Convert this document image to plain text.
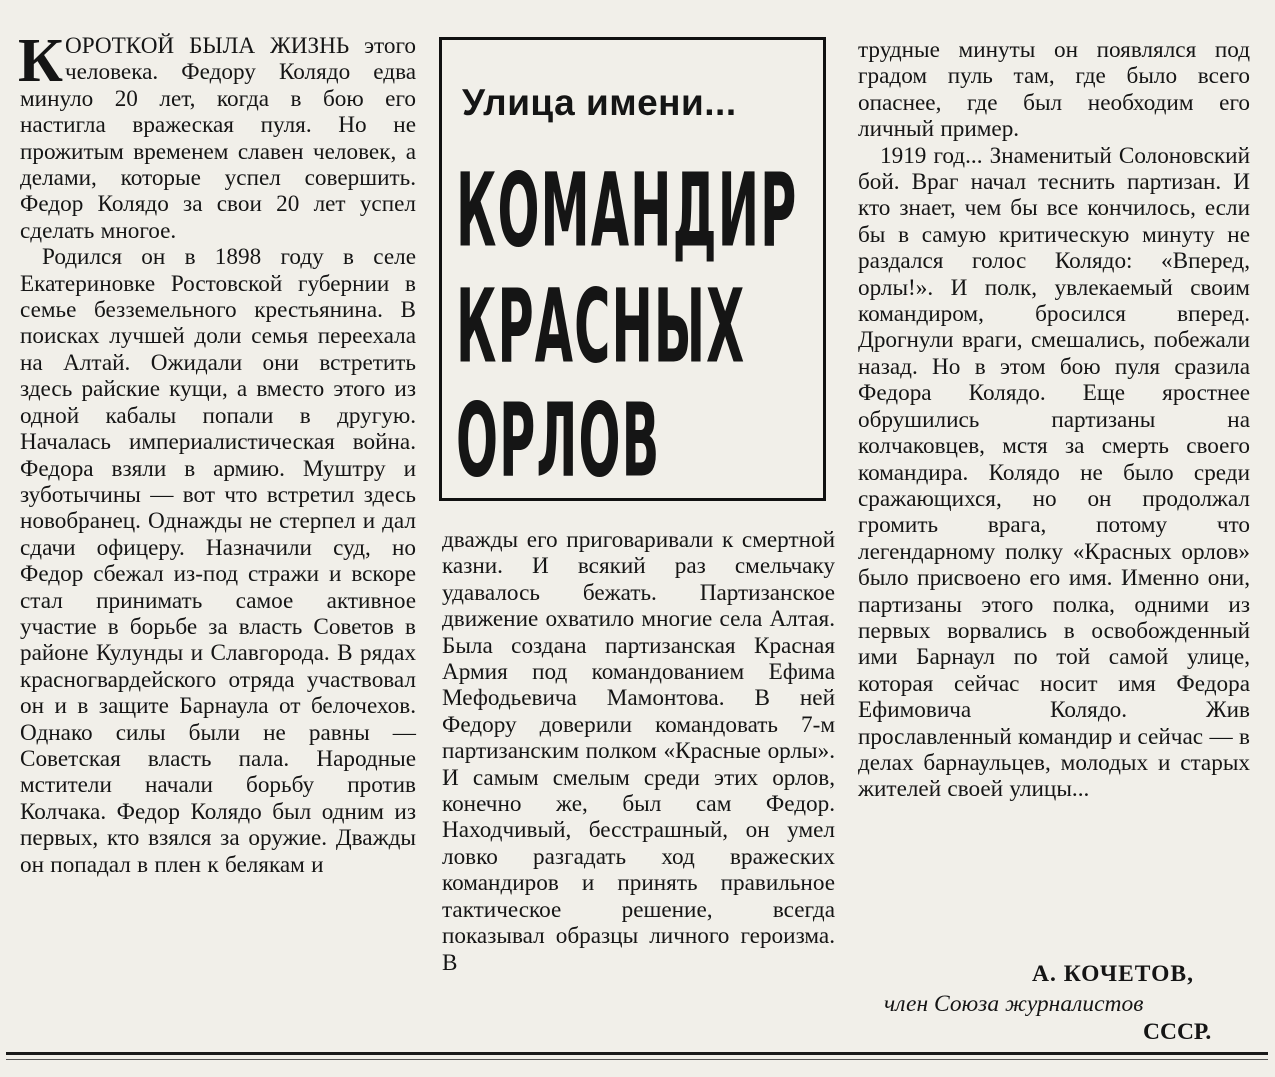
КОРОТКОЙ БЫЛА ЖИЗНЬ этого человека. Федору Колядо едва минуло 20 лет, когда в бою его настигла вражеская пуля. Но не прожитым временем славен человек, а делами, которые успел совершить. Федор Колядо за свои 20 лет успел сделать многое.

Родился он в 1898 году в селе Екатериновке Ростовской губернии в семье безземельного крестьянина. В поисках лучшей доли семья переехала на Алтай. Ожидали они встретить здесь райские кущи, а вместо этого из одной кабалы попали в другую. Началась империалистическая война. Федора взяли в армию. Муштру и зуботычины — вот что встретил здесь новобранец. Однажды не стерпел и дал сдачи офицеру. Назначили суд, но Федор сбежал из-под стражи и вскоре стал принимать самое активное участие в борьбе за власть Советов в районе Кулунды и Славгорода. В рядах красногвардейского отряда участвовал он и в защите Барнаула от белочехов. Однако силы были не равны — Советская власть пала. Народные мстители начали борьбу против Колчака. Федор Колядо был одним из первых, кто взялся за оружие. Дважды он попадал в плен к белякам и

Улица имени...
КОМАНДИР
КРАСНЫХ
ОРЛОВ

дважды его приговаривали к смертной казни. И всякий раз смельчаку удавалось бежать. Партизанское движение охватило многие села Алтая. Была создана партизанская Красная Армия под командованием Ефима Мефодьевича Мамонтова. В ней Федору доверили командовать 7-м партизанским полком «Красные орлы». И самым смелым среди этих орлов, конечно же, был сам Федор. Находчивый, бесстрашный, он умел ловко разгадать ход вражеских командиров и принять правильное тактическое решение, всегда показывал образцы личного героизма. В

трудные минуты он появлялся под градом пуль там, где было всего опаснее, где был необходим его личный пример.

1919 год... Знаменитый Солоновский бой. Враг начал теснить партизан. И кто знает, чем бы все кончилось, если бы в самую критическую минуту не раздался голос Колядо: «Вперед, орлы!». И полк, увлекаемый своим командиром, бросился вперед. Дрогнули враги, смешались, побежали назад. Но в этом бою пуля сразила Федора Колядо. Еще яростнее обрушились партизаны на колчаковцев, мстя за смерть своего командира. Колядо не было среди сражающихся, но он продолжал громить врага, потому что легендарному полку «Красных орлов» было присвоено его имя. Именно они, партизаны этого полка, одними из первых ворвались в освобожденный ими Барнаул по той самой улице, которая сейчас носит имя Федора Ефимовича Колядо. Жив прославленный командир и сейчас — в делах барнаульцев, молодых и старых жителей своей улицы...

А. КОЧЕТОВ,
член Союза журналистов
СССР.
